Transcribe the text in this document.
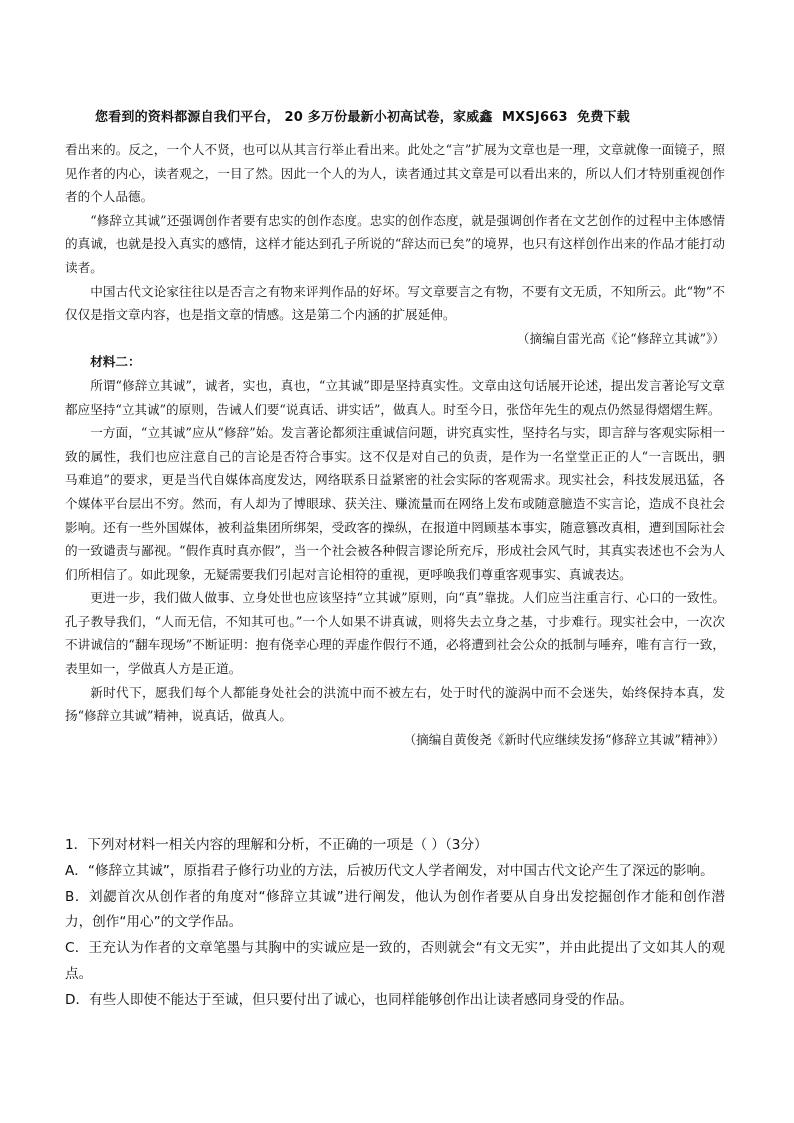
您看到的资料都源自我们平台， 20 多万份最新小初高试卷，家威鑫  MXSJ663  免费下载

看出来的。反之，一个人不贤，也可以从其言行举止看出来。此处之“言”扩展为文章也是一理，文章就像一面镜子，照见作者的内心，读者观之，一目了然。因此一个人的为人，读者通过其文章是可以看出来的，所以人们才特别重视创作者的个人品德。

“修辞立其诚”还强调创作者要有忠实的创作态度。忠实的创作态度，就是强调创作者在文艺创作的过程中主体感情的真诚，也就是投入真实的感情，这样才能达到孔子所说的“辞达而已矣”的境界，也只有这样创作出来的作品才能打动读者。

中国古代文论家往往以是否言之有物来评判作品的好坏。写文章要言之有物，不要有文无质，不知所云。此“物”不仅仅是指文章内容，也是指文章的情感。这是第二个内涵的扩展延伸。

（摘编自雷光高《论“修辞立其诚”》）

材料二：

所谓“修辞立其诚”，诚者，实也，真也，“立其诚”即是坚持真实性。文章由这句话展开论述，提出发言著论写文章都应坚持“立其诚”的原则，告诫人们要“说真话、讲实话”，做真人。时至今日，张岱年先生的观点仍然显得熠熠生辉。

一方面，“立其诚”应从“修辞”始。发言著论都须注重诚信问题，讲究真实性，坚持名与实，即言辞与客观实际相一致的属性，我们也应注意自己的言论是否符合事实。这不仅是对自己的负责，是作为一名堂堂正正的人“一言既出，驷马难追”的要求，更是当代自媒体高度发达，网络联系日益紧密的社会实际的客观需求。现实社会，科技发展迅猛，各个媒体平台层出不穷。然而，有人却为了博眼球、获关注、赚流量而在网络上发布或随意臆造不实言论，造成不良社会影响。还有一些外国媒体，被利益集团所绑架，受政客的操纵，在报道中罔顾基本事实，随意篡改真相，遭到国际社会的一致谴责与鄙视。“假作真时真亦假”，当一个社会被各种假言谬论所充斥，形成社会风气时，其真实表述也不会为人们所相信了。如此现象，无疑需要我们引起对言论相符的重视，更呼唤我们尊重客观事实、真诚表达。

更进一步，我们做人做事、立身处世也应该坚持“立其诚”原则，向“真”靠拢。人们应当注重言行、心口的一致性。孔子教导我们，“人而无信，不知其可也。”一个人如果不讲真诚，则将失去立身之基，寸步难行。现实社会中，一次次不讲诚信的“翻车现场”不断证明：抱有侥幸心理的弄虚作假行不通，必将遭到社会公众的抵制与唾弃，唯有言行一致，表里如一，学做真人方是正道。

新时代下，愿我们每个人都能身处社会的洪流中而不被左右，处于时代的漩涡中而不会迷失，始终保持本真，发扬“修辞立其诚”精神，说真话，做真人。

（摘编自黄俊尧《新时代应继续发扬“修辞立其诚”精神》）

1．下列对材料一相关内容的理解和分析，不正确的一项是（ ）（3分）

A．“修辞立其诚”，原指君子修行功业的方法，后被历代文人学者阐发，对中国古代文论产生了深远的影响。

B．刘勰首次从创作者的角度对“修辞立其诚”进行阐发，他认为创作者要从自身出发挖掘创作才能和创作潜力，创作“用心”的文学作品。

C．王充认为作者的文章笔墨与其胸中的实诚应是一致的，否则就会“有文无实”，并由此提出了文如其人的观点。

D．有些人即使不能达于至诚，但只要付出了诚心，也同样能够创作出让读者感同身受的作品。
